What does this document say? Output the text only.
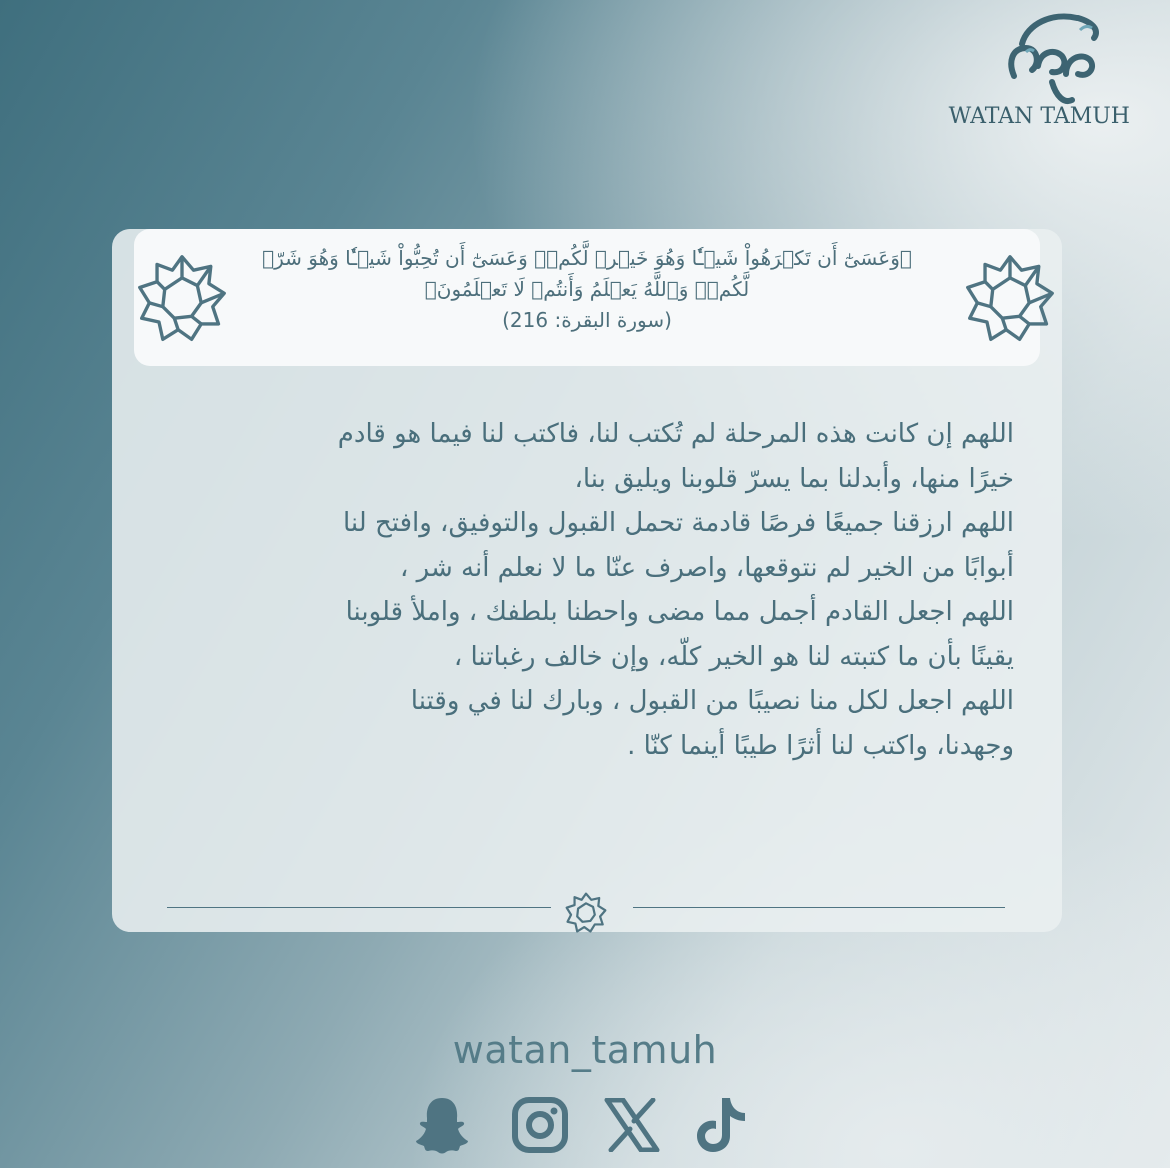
WATAN TAMUH
﴿وَعَسَىٰٓ أَن تَكۡرَهُواْ شَيۡـٔٗا وَهُوَ خَيۡرٞ لَّكُمۡۖ وَعَسَىٰٓ أَن تُحِبُّواْ شَيۡـٔٗا وَهُوَ شَرّٞ لَّكُمۡۚ وَٱللَّهُ يَعۡلَمُ وَأَنتُمۡ لَا تَعۡلَمُونَ﴾
(سورة البقرة: 216)

اللهم إن كانت هذه المرحلة لم تُكتب لنا، فاكتب لنا فيما هو قادم

خيرًا منها، وأبدلنا بما يسرّ قلوبنا ويليق بنا،

اللهم ارزقنا جميعًا فرصًا قادمة تحمل القبول والتوفيق، وافتح لنا

أبوابًا من الخير لم نتوقعها، واصرف عنّا ما لا نعلم أنه شر ،

اللهم اجعل القادم أجمل مما مضى واحطنا بلطفك ، واملأ قلوبنا

يقينًا بأن ما كتبته لنا هو الخير كلّه، وإن خالف رغباتنا ،

اللهم اجعل لكل منا نصيبًا من القبول ، وبارك لنا في وقتنا

وجهدنا، واكتب لنا أثرًا طيبًا أينما كنّا .

watan_tamuh
